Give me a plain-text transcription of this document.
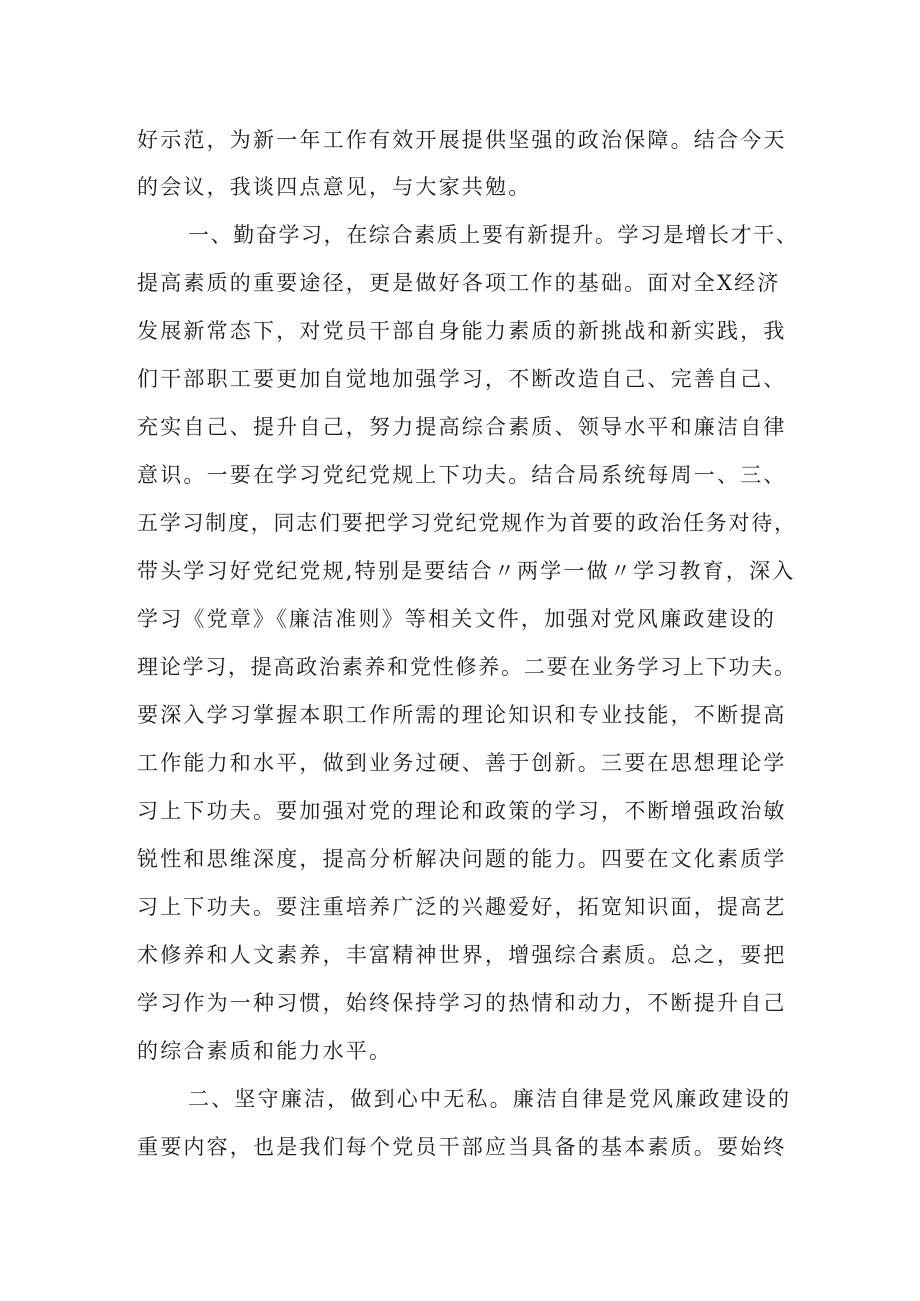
好示范，为新一年工作有效开展提供坚强的政治保障。结合今天
的会议，我谈四点意见，与大家共勉。
一、勤奋学习，在综合素质上要有新提升。学习是增长才干、
提高素质的重要途径，更是做好各项工作的基础。面对全X经济
发展新常态下，对党员干部自身能力素质的新挑战和新实践，我
们干部职工要更加自觉地加强学习，不断改造自己、完善自己、
充实自己、提升自己，努力提高综合素质、领导水平和廉洁自律
意识。一要在学习党纪党规上下功夫。结合局系统每周一、三、
五学习制度，同志们要把学习党纪党规作为首要的政治任务对待，
带头学习好党纪党规,特别是要结合〃两学一做〃学习教育，深入
学习《党章》《廉洁准则》等相关文件，加强对党风廉政建设的
理论学习，提高政治素养和党性修养。二要在业务学习上下功夫。
要深入学习掌握本职工作所需的理论知识和专业技能，不断提高
工作能力和水平，做到业务过硬、善于创新。三要在思想理论学
习上下功夫。要加强对党的理论和政策的学习，不断增强政治敏
锐性和思维深度，提高分析解决问题的能力。四要在文化素质学
习上下功夫。要注重培养广泛的兴趣爱好，拓宽知识面，提高艺
术修养和人文素养，丰富精神世界，增强综合素质。总之，要把
学习作为一种习惯，始终保持学习的热情和动力，不断提升自己
的综合素质和能力水平。
二、坚守廉洁，做到心中无私。廉洁自律是党风廉政建设的
重要内容，也是我们每个党员干部应当具备的基本素质。要始终
